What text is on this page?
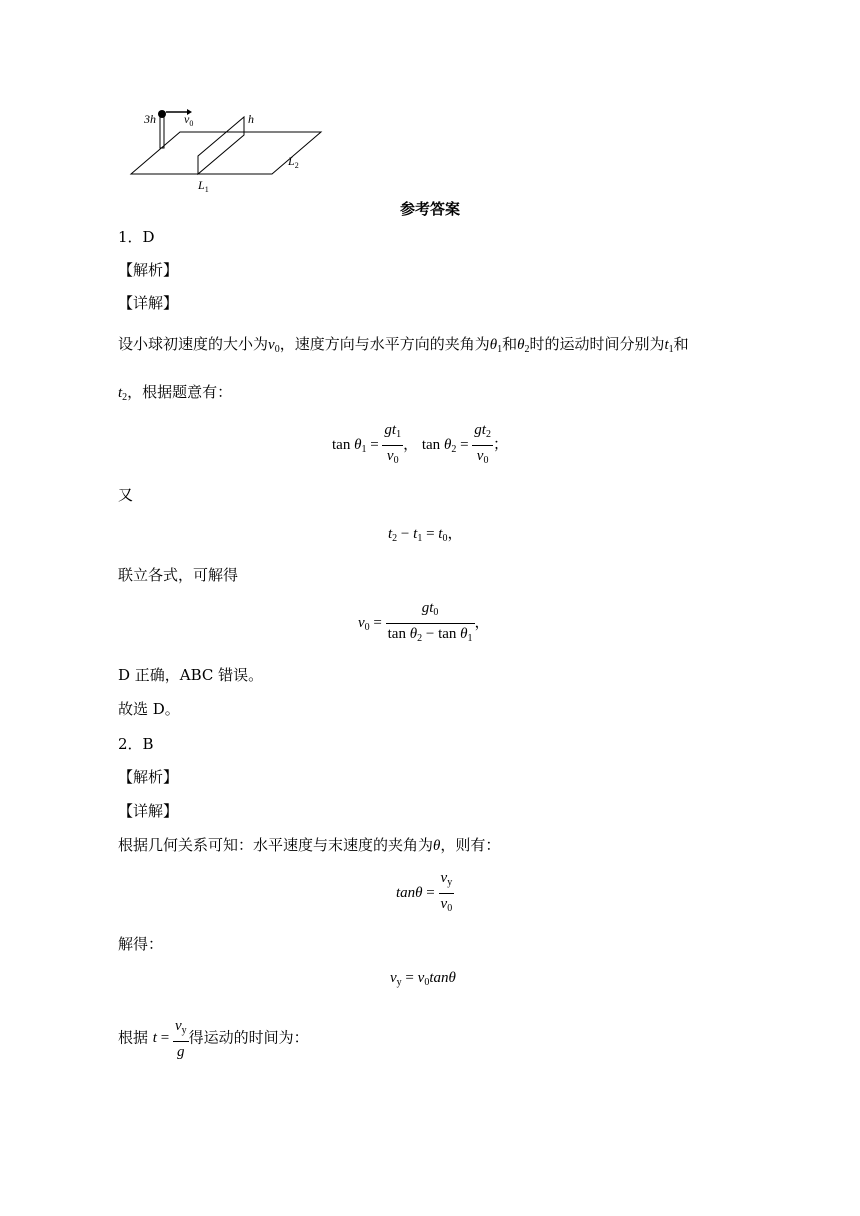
3h $v_0$	h
$L_1$
$L_2$
参考答案
1．D
【解析】
【详解】
设小球初速度的大小为$v_0$，速度方向与水平方向的夹角为$\theta_1$和$\theta_2$时的运动时间分别为$t_1$和
$t_2$，根据题意有：
$\tan \theta_1 = \frac{gt_1}{v_0}$ ， $\tan \theta_2 = \frac{gt_2}{v_0}$ ；
又
$t_2 - t_1 = t_0$，
联立各式，可解得
$v_0 = \frac{gt_0}{\tan \theta_2 - \tan \theta_1}$ ，
D 正确，ABC 错误。
故选 D。
2．B
【解析】
【详解】
根据几何关系可知：水平速度与末速度的夹角为θ，则有：
$\tan\theta = \frac{v_y}{v_0}$
解得：
$v_y = v_0\tan\theta$
根据 $t = \frac{v_y}{g}$ 得运动的时间为：
